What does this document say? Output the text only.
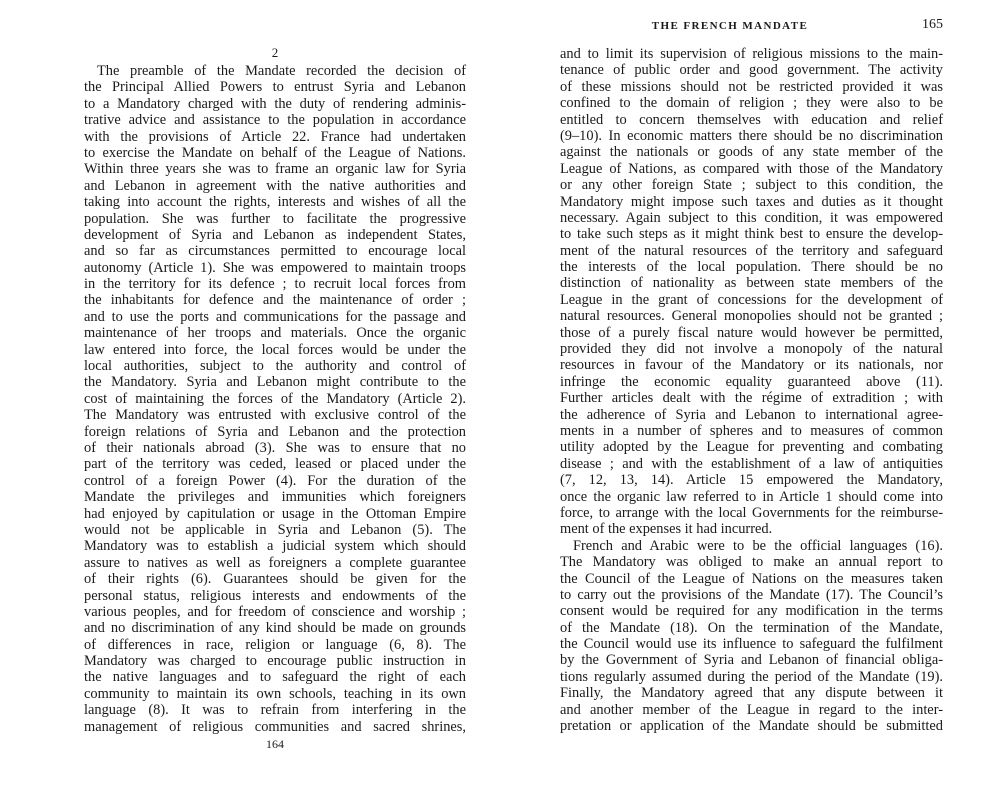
2
The preamble of the Mandate recorded the decision of
the Principal Allied Powers to entrust Syria and Lebanon
to a Mandatory charged with the duty of rendering adminis-
trative advice and assistance to the population in accordance
with the provisions of Article 22. France had undertaken
to exercise the Mandate on behalf of the League of Nations.
Within three years she was to frame an organic law for Syria
and Lebanon in agreement with the native authorities and
taking into account the rights, interests and wishes of all the
population. She was further to facilitate the progressive
development of Syria and Lebanon as independent States,
and so far as circumstances permitted to encourage local
autonomy (Article 1). She was empowered to maintain troops
in the territory for its defence ; to recruit local forces from
the inhabitants for defence and the maintenance of order ;
and to use the ports and communications for the passage and
maintenance of her troops and materials. Once the organic
law entered into force, the local forces would be under the
local authorities, subject to the authority and control of
the Mandatory. Syria and Lebanon might contribute to the
cost of maintaining the forces of the Mandatory (Article 2).
The Mandatory was entrusted with exclusive control of the
foreign relations of Syria and Lebanon and the protection
of their nationals abroad (3). She was to ensure that no
part of the territory was ceded, leased or placed under the
control of a foreign Power (4). For the duration of the
Mandate the privileges and immunities which foreigners
had enjoyed by capitulation or usage in the Ottoman Empire
would not be applicable in Syria and Lebanon (5). The
Mandatory was to establish a judicial system which should
assure to natives as well as foreigners a complete guarantee
of their rights (6). Guarantees should be given for the
personal status, religious interests and endowments of the
various peoples, and for freedom of conscience and worship ;
and no discrimination of any kind should be made on grounds
of differences in race, religion or language (6, 8). The
Mandatory was charged to encourage public instruction in
the native languages and to safeguard the right of each
community to maintain its own schools, teaching in its own
language (8). It was to refrain from interfering in the
management of religious communities and sacred shrines,
164
and to limit its supervision of religious missions to the main-
tenance of public order and good government. The activity
of these missions should not be restricted provided it was
confined to the domain of religion ; they were also to be
entitled to concern themselves with education and relief
(9–10). In economic matters there should be no discrimination
against the nationals or goods of any state member of the
League of Nations, as compared with those of the Mandatory
or any other foreign State ; subject to this condition, the
Mandatory might impose such taxes and duties as it thought
necessary. Again subject to this condition, it was empowered
to take such steps as it might think best to ensure the develop-
ment of the natural resources of the territory and safeguard
the interests of the local population. There should be no
distinction of nationality as between state members of the
League in the grant of concessions for the development of
natural resources. General monopolies should not be granted ;
those of a purely fiscal nature would however be permitted,
provided they did not involve a monopoly of the natural
resources in favour of the Mandatory or its nationals, nor
infringe the economic equality guaranteed above (11).
Further articles dealt with the régime of extradition ; with
the adherence of Syria and Lebanon to international agree-
ments in a number of spheres and to measures of common
utility adopted by the League for preventing and combating
disease ; and with the establishment of a law of antiquities
(7, 12, 13, 14). Article 15 empowered the Mandatory,
once the organic law referred to in Article 1 should come into
force, to arrange with the local Governments for the reimburse-
ment of the expenses it had incurred.
French and Arabic were to be the official languages (16).
The Mandatory was obliged to make an annual report to
the Council of the League of Nations on the measures taken
to carry out the provisions of the Mandate (17). The Council’s
consent would be required for any modification in the terms
of the Mandate (18). On the termination of the Mandate,
the Council would use its influence to safeguard the fulfilment
by the Government of Syria and Lebanon of financial obliga-
tions regularly assumed during the period of the Mandate (19).
Finally, the Mandatory agreed that any dispute between it
and another member of the League in regard to the inter-
pretation or application of the Mandate should be submitted
THE FRENCH MANDATE	165
